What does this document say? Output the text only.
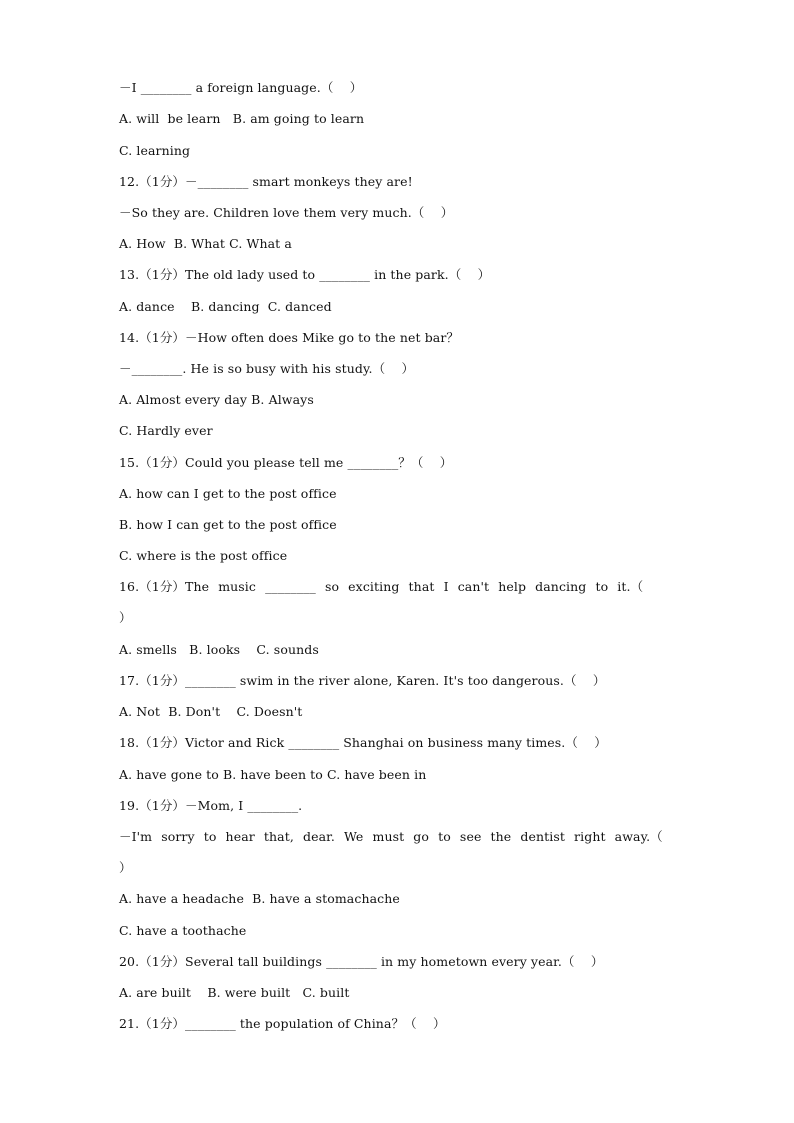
－I ________ a foreign language.（    ）
A. will  be learn   B. am going to learn
C. learning
12.（1分）－________ smart monkeys they are!
－So they are. Children love them very much.（    ）
A. How  B. What C. What a
13.（1分）The old lady used to ________ in the park.（    ）
A. dance    B. dancing  C. danced
14.（1分）－How often does Mike go to the net bar？
－________. He is so busy with his study.（    ）
A. Almost every day B. Always
C. Hardly ever
15.（1分）Could you please tell me ________？（    ）
A. how can I get to the post office
B. how I can get to the post office
C. where is the post office
16.（1分）The music ________ so exciting that I can't help dancing to it.（
）
A. smells   B. looks    C. sounds
17.（1分）________ swim in the river alone, Karen. It's too dangerous.（    ）
A. Not  B. Don't    C. Doesn't
18.（1分）Victor and Rick ________ Shanghai on business many times.（    ）
A. have gone to B. have been to C. have been in
19.（1分）－Mom, I ________.
－I'm sorry to hear that, dear. We must go to see the dentist right away.（
）
A. have a headache  B. have a stomachache
C. have a toothache
20.（1分）Several tall buildings ________ in my hometown every year.（    ）
A. are built    B. were built   C. built
21.（1分）________ the population of China？（    ）
